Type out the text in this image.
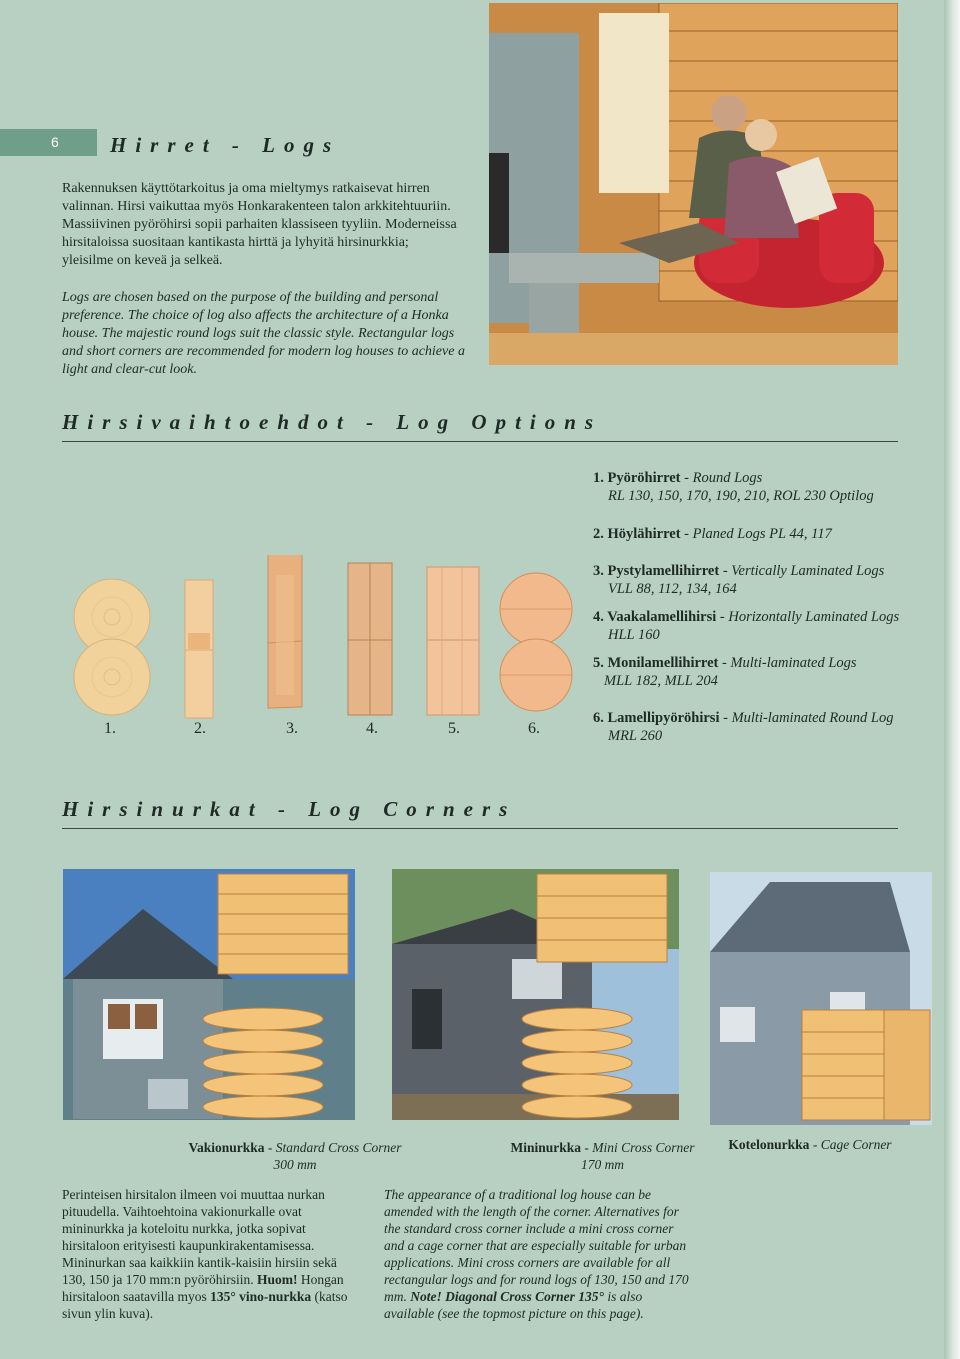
6	Hirret - Logs

Rakennuksen käyttötarkoitus ja oma mieltymys ratkaisevat hirren valinnan. Hirsi vaikuttaa myös Honkarakenteen talon arkkitehtuuriin. Massiivinen pyöröhirsi sopii parhaiten klassiseen tyyliin. Moderneissa hirsitaloissa suositaan kantikasta hirttä ja lyhyitä hirsinurkkia; yleisilme on keveä ja selkeä.

Logs are chosen based on the purpose of the building and personal preference. The choice of log also affects the architecture of a Honka house. The majestic round logs suit the classic style. Rectangular logs and short corners are recommended for modern log houses to achieve a light and clear-cut look.

Hirsivaihtoehdot - Log Options
1.	2.	3.	4.	5.	6.
1. Pyöröhirret - Round Logs
RL 130, 150, 170, 190, 210, ROL 230 Optilog
2. Höylähirret - Planed Logs PL 44, 117
3. Pystylamellihirret - Vertically Laminated Logs
VLL 88, 112, 134, 164
4. Vaakalamellihirsi - Horizontally Laminated Logs
HLL 160
5. Monilamellihirret - Multi-laminated Logs
MLL 182, MLL 204
6. Lamellipyöröhirsi - Multi-laminated Round Log
MRL 260
Hirsinurkat - Log Corners
Vakionurkka - Standard Cross Corner
300 mm
Mininurkka - Mini Cross Corner
170 mm
Kotelonurkka - Cage Corner

Perinteisen hirsitalon ilmeen voi muuttaa nurkan pituudella. Vaihtoehtoina vakionurkalle ovat mininurkka ja koteloitu nurkka, jotka sopivat hirsitaloon erityisesti kaupunkirakentamisessa. Mininurkan saa kaikkiin kantik-kaisiin hirsiin sekä 130, 150 ja 170 mm:n pyöröhirsiin. Huom! Hongan hirsitaloon saatavilla myos 135° vino-nurkka (katso sivun ylin kuva).

The appearance of a traditional log house can be amended with the length of the corner. Alternatives for the standard cross corner include a mini cross corner and a cage corner that are especially suitable for urban applications. Mini cross corners are available for all rectangular logs and for round logs of 130, 150 and 170 mm. Note! Diagonal Cross Corner 135° is also available (see the topmost picture on this page).
